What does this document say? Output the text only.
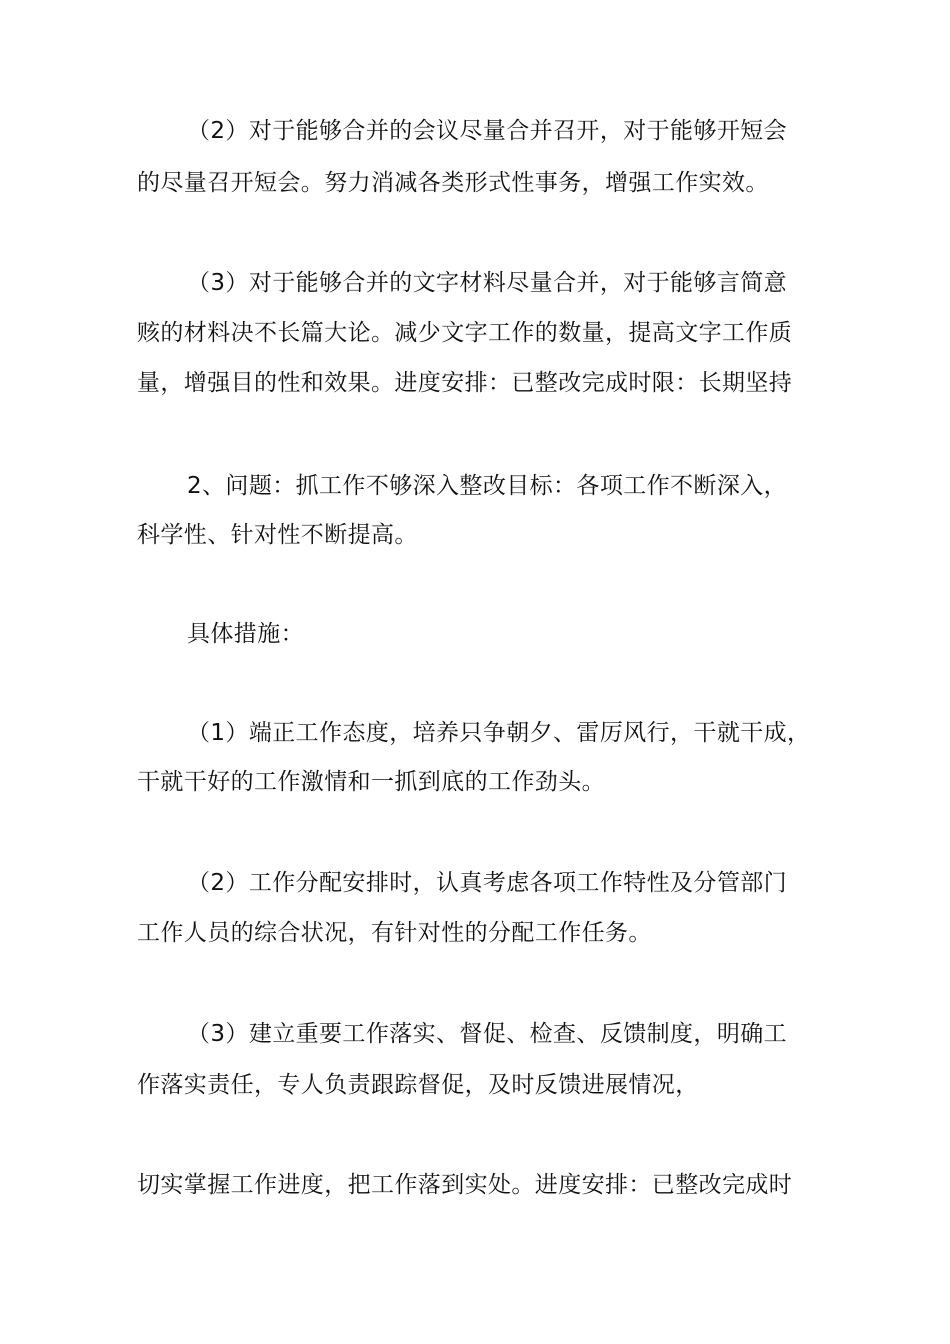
（2）对于能够合并的会议尽量合并召开，对于能够开短会
的尽量召开短会。努力消减各类形式性事务，增强工作实效。
（3）对于能够合并的文字材料尽量合并，对于能够言简意
赅的材料决不长篇大论。减少文字工作的数量，提高文字工作质
量，增强目的性和效果。进度安排：已整改完成时限：长期坚持
2、问题：抓工作不够深入整改目标：各项工作不断深入，
科学性、针对性不断提高。
具体措施：
（1）端正工作态度，培养只争朝夕、雷厉风行，干就干成，
干就干好的工作激情和一抓到底的工作劲头。
（2）工作分配安排时，认真考虑各项工作特性及分管部门
工作人员的综合状况，有针对性的分配工作任务。
（3）建立重要工作落实、督促、检查、反馈制度，明确工
作落实责任，专人负责跟踪督促，及时反馈进展情况，
切实掌握工作进度，把工作落到实处。进度安排：已整改完成时
